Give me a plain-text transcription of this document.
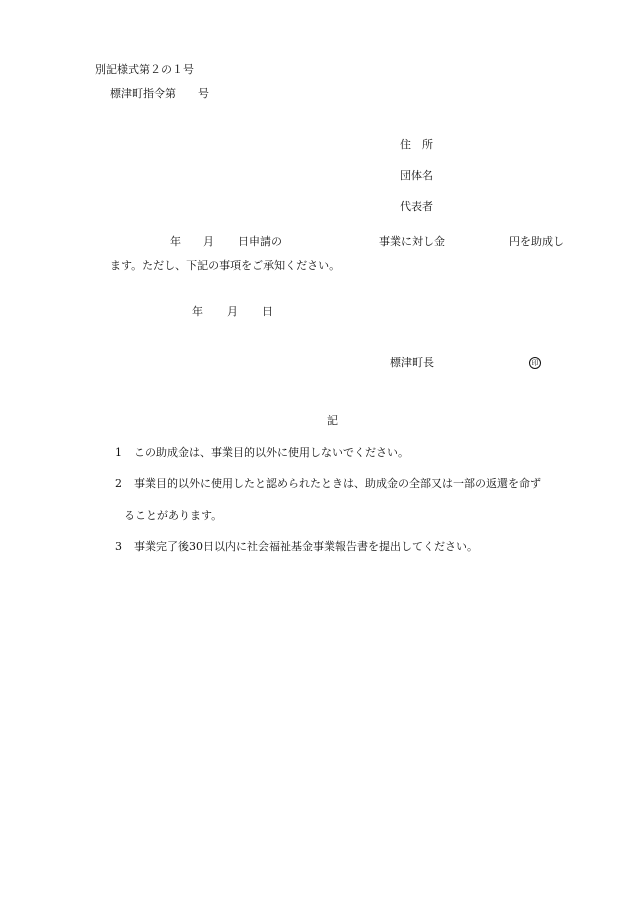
別記様式第２の１号
標津町指令第　　号
住　所
団体名
代表者
年 月 日申請の	事業に対し金	円を助成し
ます。ただし、下記の事項をご承知ください。
年 月 日
標津町長	印
記
1 この助成金は、事業目的以外に使用しないでください。
2 事業目的以外に使用したと認められたときは、助成金の全部又は一部の返還を命ず
ることがあります。
3 事業完了後30日以内に社会福祉基金事業報告書を提出してください。
